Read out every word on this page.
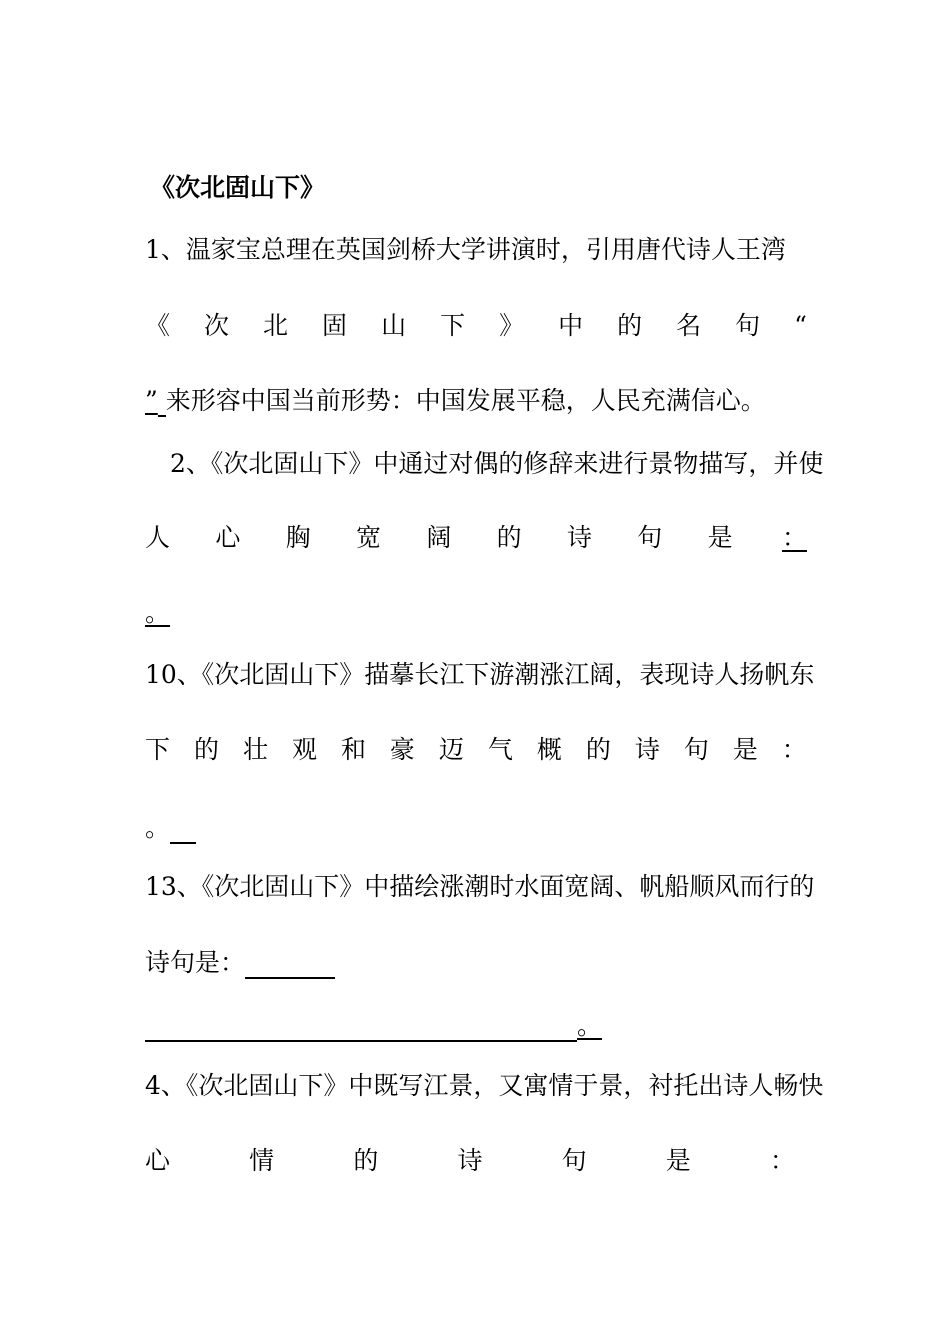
《次北固山下》
1、温家宝总理在英国剑桥大学讲演时，引用唐代诗人王湾
《 次 北 固 山 下 》 中 的 名 句 “
” 来形容中国当前形势：中国发展平稳，人民充满信心。
2、《次北固山下》中通过对偶的修辞来进行景物描写，并使
人 心 胸 宽 阔 的 诗 句 是 ：
。
10、《次北固山下》描摹长江下游潮涨江阔，表现诗人扬帆东
下 的 壮 观 和 豪 迈 气 概 的 诗 句 是 ：
。
13、《次北固山下》中描绘涨潮时水面宽阔、帆船顺风而行的
诗句是：
。
4、《次北固山下》中既写江景，又寓情于景，衬托出诗人畅快
心	情	的	诗	句	是	：
